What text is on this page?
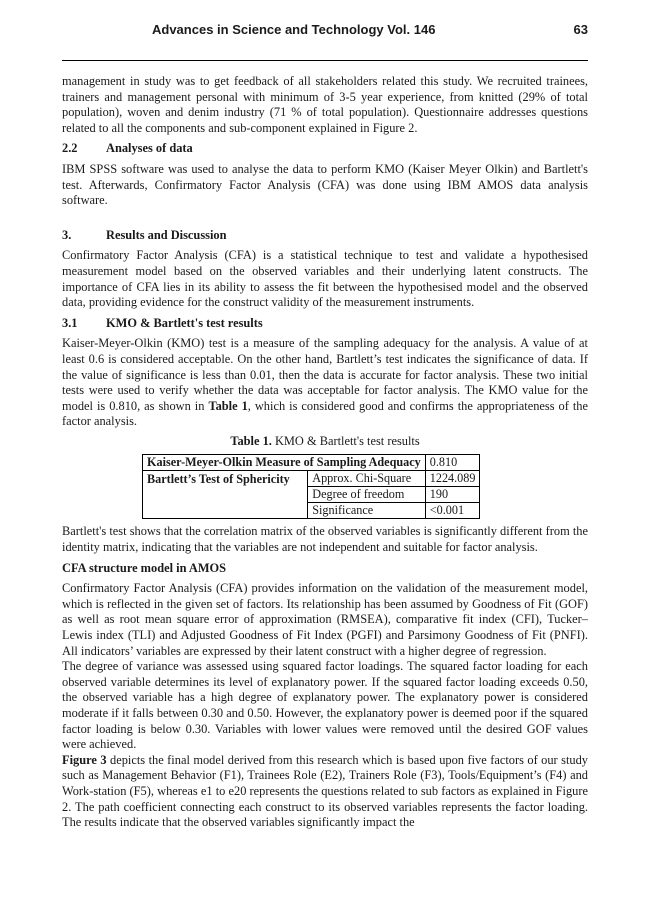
Advances in Science and Technology Vol. 146	63

management in study was to get feedback of all stakeholders related this study. We recruited trainees, trainers and management personal with minimum of 3-5 year experience, from knitted (29% of total population), woven and denim industry (71 % of total population). Questionnaire addresses questions related to all the components and sub-component explained in Figure 2.

2.2 Analyses of data

IBM SPSS software was used to analyse the data to perform KMO (Kaiser Meyer Olkin) and Bartlett's test. Afterwards, Confirmatory Factor Analysis (CFA) was done using IBM AMOS data analysis software.

3.	Results and Discussion

Confirmatory Factor Analysis (CFA) is a statistical technique to test and validate a hypothesised measurement model based on the observed variables and their underlying latent constructs. The importance of CFA lies in its ability to assess the fit between the hypothesised model and the observed data, providing evidence for the construct validity of the measurement instruments.

3.1 KMO & Bartlett's test results

Kaiser-Meyer-Olkin (KMO) test is a measure of the sampling adequacy for the analysis. A value of at least 0.6 is considered acceptable. On the other hand, Bartlett’s test indicates the significance of data. If the value of significance is less than 0.01, then the data is accurate for factor analysis. These two initial tests were used to verify whether the data was acceptable for factor analysis. The KMO value for the model is 0.810, as shown in Table 1, which is considered good and confirms the appropriateness of the factor analysis.

Table 1. KMO & Bartlett's test results
Kaiser-Meyer-Olkin Measure of Sampling Adequacy		0.810
Bartlett’s Test of Sphericity	Approx. Chi-Square	1224.089
	Degree of freedom	190
	Significance	<0.001

Bartlett's test shows that the correlation matrix of the observed variables is significantly different from the identity matrix, indicating that the variables are not independent and suitable for factor analysis.

CFA structure model in AMOS

Confirmatory Factor Analysis (CFA) provides information on the validation of the measurement model, which is reflected in the given set of factors. Its relationship has been assumed by Goodness of Fit (GOF) as well as root mean square error of approximation (RMSEA), comparative fit index (CFI), Tucker–Lewis index (TLI) and Adjusted Goodness of Fit Index (PGFI) and Parsimony Goodness of Fit (PNFI). All indicators’ variables are expressed by their latent construct with a higher degree of regression.

The degree of variance was assessed using squared factor loadings. The squared factor loading for each observed variable determines its level of explanatory power. If the squared factor loading exceeds 0.50, the observed variable has a high degree of explanatory power. The explanatory power is considered moderate if it falls between 0.30 and 0.50. However, the explanatory power is deemed poor if the squared factor loading is below 0.30. Variables with lower values were removed until the desired GOF values were achieved.

Figure 3 depicts the final model derived from this research which is based upon five factors of our study such as Management Behavior (F1), Trainees Role (E2), Trainers Role (F3), Tools/Equipment’s (F4) and Work-station (F5), whereas e1 to e20 represents the questions related to sub factors as explained in Figure 2. The path coefficient connecting each construct to its observed variables represents the factor loading. The results indicate that the observed variables significantly impact the
